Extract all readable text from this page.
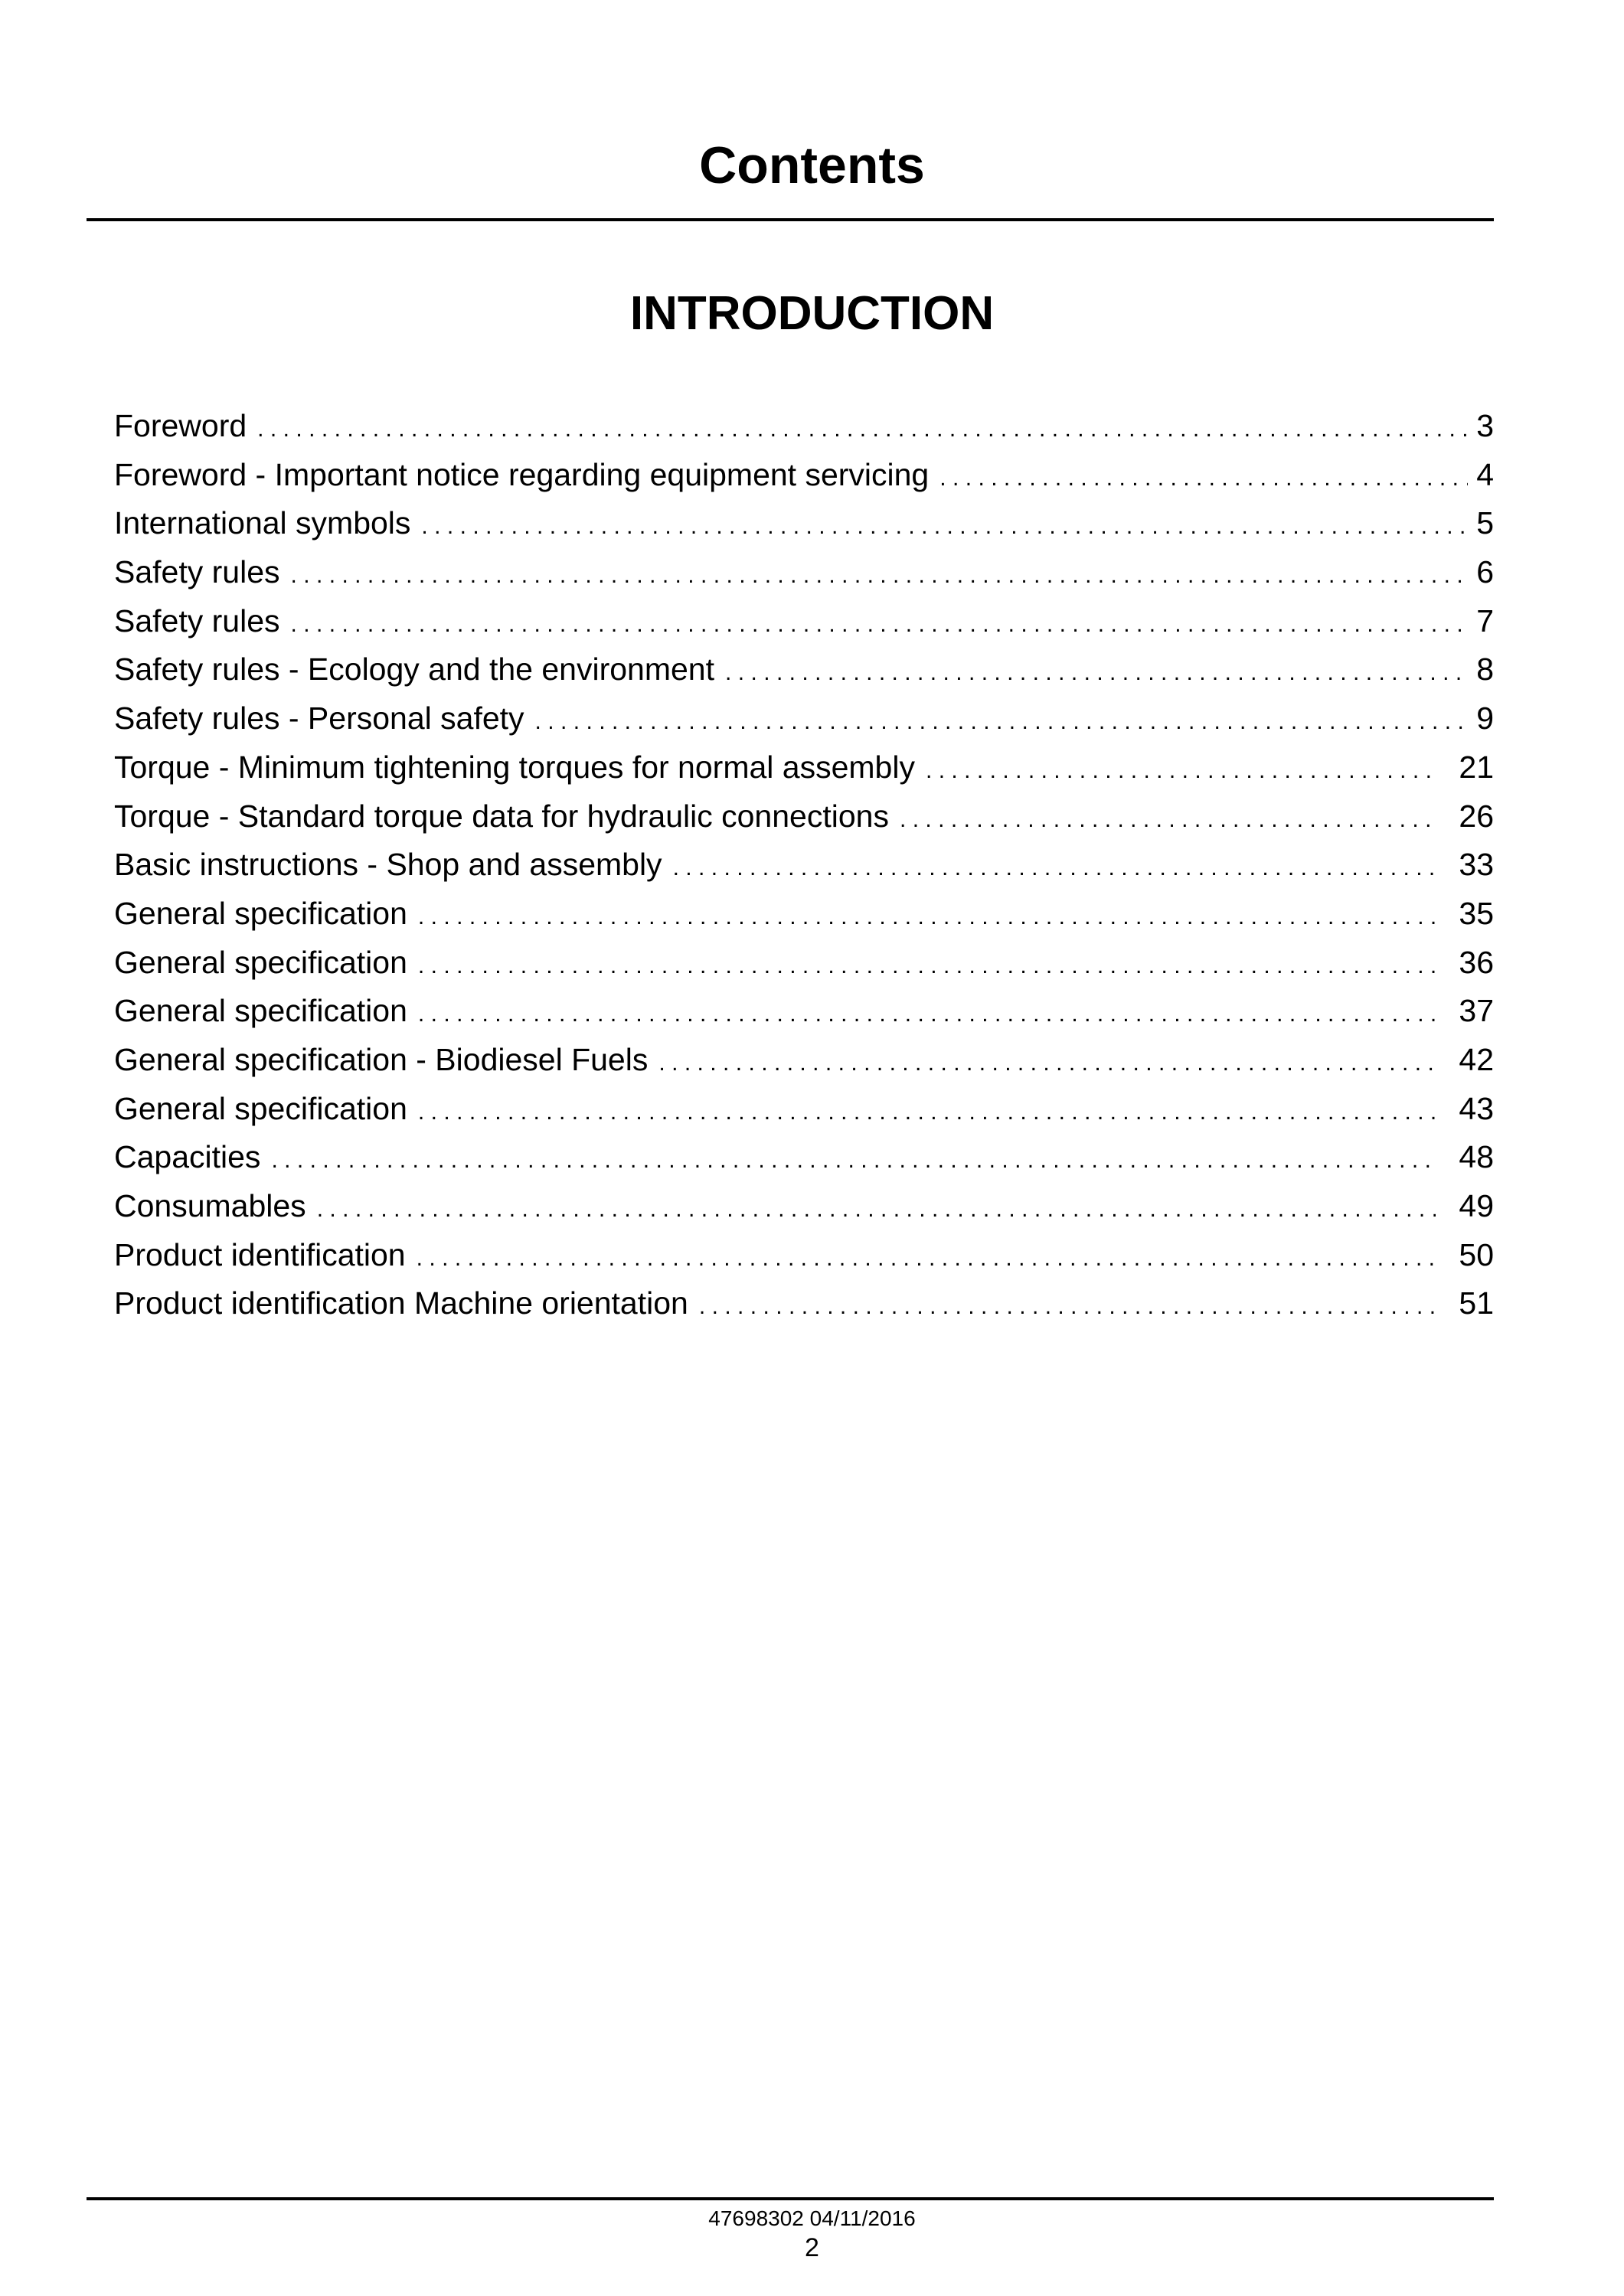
Contents
INTRODUCTION
Foreword .....	3
Foreword - Important notice regarding equipment servicing .....	4
International symbols .....	5
Safety rules .....	6
Safety rules .....	7
Safety rules - Ecology and the environment .....	8
Safety rules - Personal safety .....	9
Torque - Minimum tightening torques for normal assembly .....	21
Torque - Standard torque data for hydraulic connections .....	26
Basic instructions - Shop and assembly .....	33
General specification .....	35
General specification .....	36
General specification .....	37
General specification - Biodiesel Fuels .....	42
General specification .....	43
Capacities .....	48
Consumables .....	49
Product identification .....	50
Product identification Machine orientation .....	51
47698302 04/11/2016
2
